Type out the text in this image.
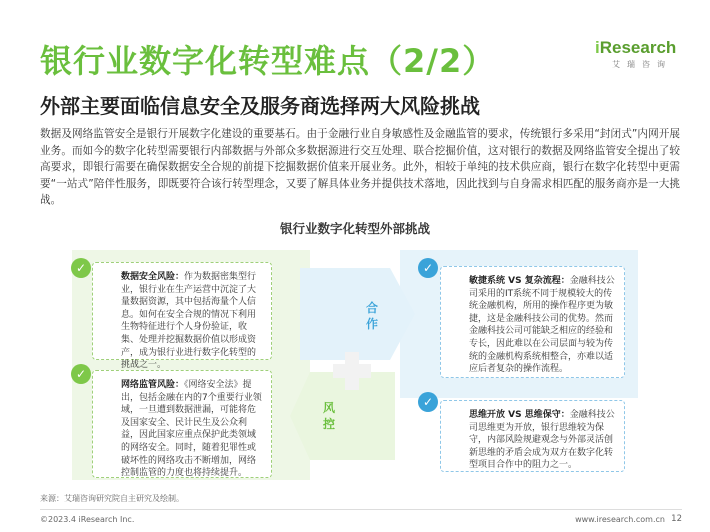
银行业数字化转型难点（2/2）
外部主要面临信息安全及服务商选择两大风险挑战
iResearch
艾瑞咨询
数据及网络监管安全是银行开展数字化建设的重要基石。由于金融行业自身敏感性及金融监管的要求，传统银行多采用“封闭式”内网开展业务。而如今的数字化转型需要银行内部数据与外部众多数据源进行交互处理、联合挖掘价值，这对银行的数据及网络监管安全提出了较高要求，即银行需要在确保数据安全合规的前提下挖掘数据价值来开展业务。此外，相较于单纯的技术供应商，银行在数字化转型中更需要“一站式”陪伴性服务，即既要符合该行转型理念，又要了解具体业务并提供技术落地，因此找到与自身需求相匹配的服务商亦是一大挑战。
银行业数字化转型外部挑战
数据安全风险：作为数据密集型行业，银行业在生产运营中沉淀了大量数据资源，其中包括海量个人信息。如何在安全合规的情况下利用生物特征进行个人身份验证，收集、处理并挖掘数据价值以形成资产，成为银行业进行数字化转型的挑战之一。
✓
网络监管风险：《网络安全法》提出，包括金融在内的7个重要行业领域，一旦遭到数据泄漏，可能将危及国家安全、民计民生及公众利益，因此国家应重点保护此类领域的网络安全。同时，随着犯罪性或破坏性的网络攻击不断增加，网络控制监管的力度也将持续提升。
✓
敏捷系统 VS 复杂流程：金融科技公司采用的IT系统不同于规模较大的传统金融机构，所用的操作程序更为敏捷，这是金融科技公司的优势。然而金融科技公司可能缺乏相应的经验和专长，因此难以在公司层面与较为传统的金融机构系统相整合，亦难以适应后者复杂的操作流程。
✓
思维开放 VS 思维保守：金融科技公司思维更为开放，银行思维较为保守，内部风险规避观念与外部灵活创新思维的矛盾会成为双方在数字化转型项目合作中的阻力之一。
✓
合
作
风
控
来源：艾瑞咨询研究院自主研究及绘制。
©2023.4 iResearch Inc.	www.iresearch.com.cn 12
